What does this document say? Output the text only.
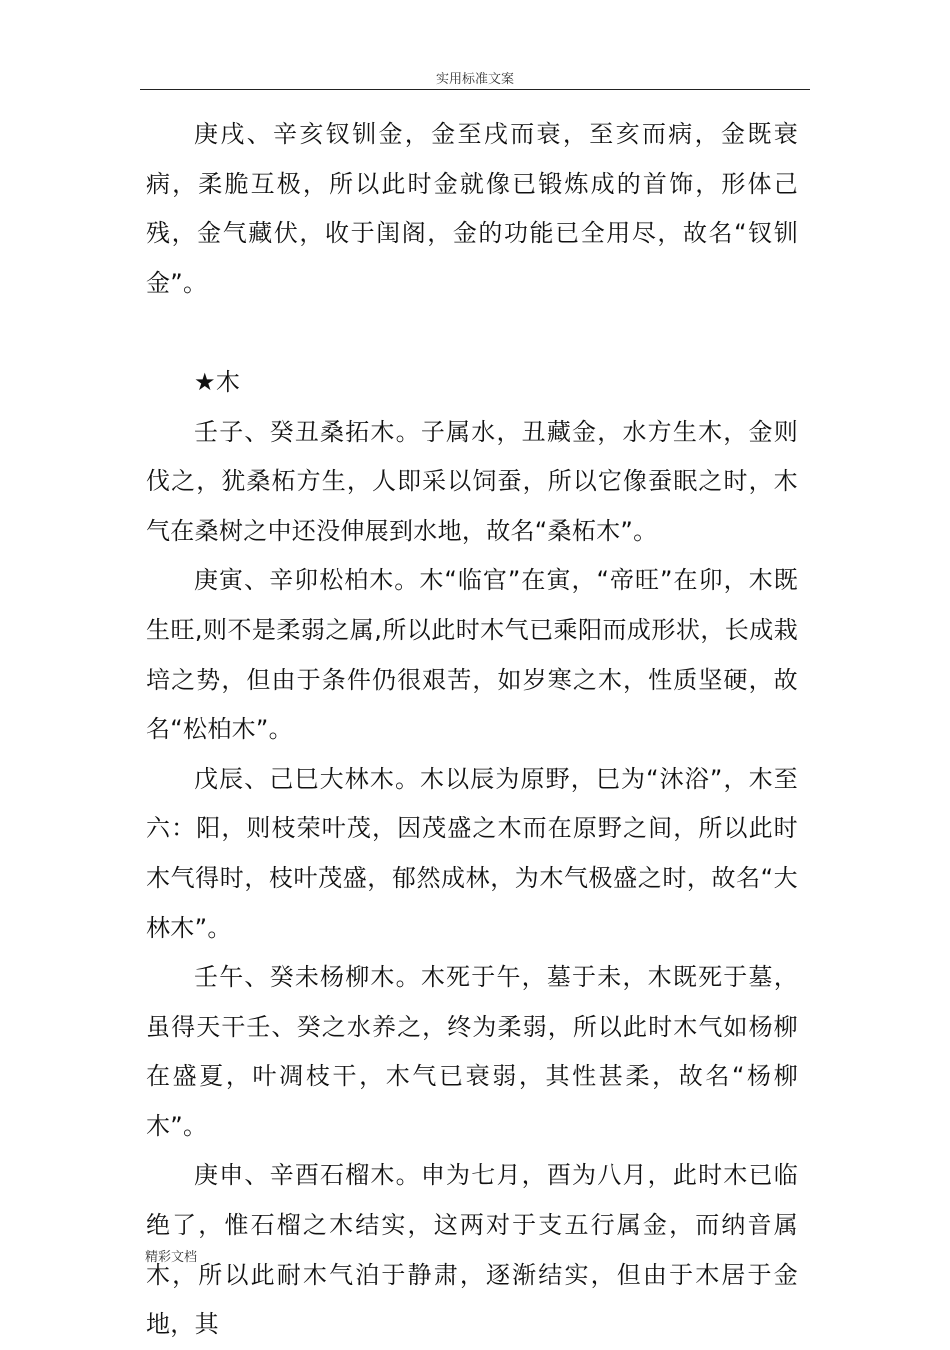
实用标准文案

庚戌、辛亥钗钏金，金至戌而衰，至亥而病，金既衰病，柔脆互极，所以此时金就像已锻炼成的首饰，形体己残，金气藏伏，收于闺阁，金的功能已全用尽，故名“钗钏金”。

★木

壬子、癸丑桑拓木。子属水，丑藏金，水方生木，金则伐之，犹桑柘方生，人即采以饲蚕，所以它像蚕眠之时，木气在桑树之中还没伸展到水地，故名“桑柘木”。

庚寅、辛卯松柏木。木“临官”在寅，“帝旺”在卯，木既生旺,则不是柔弱之属,所以此时木气已乘阳而成形状，长成栽培之势，但由于条件仍很艰苦，如岁寒之木，性质坚硬，故名“松柏木”。

戊辰、己巳大林木。木以辰为原野，巳为“沐浴”，木至六：阳，则枝荣叶茂，因茂盛之木而在原野之间，所以此时木气得时，枝叶茂盛，郁然成林，为木气极盛之时，故名“大林木”。

壬午、癸未杨柳木。木死于午，墓于未，木既死于墓，虽得天干壬、癸之水养之，终为柔弱，所以此时木气如杨柳在盛夏，叶凋枝干，木气已衰弱，其性甚柔，故名“杨柳木”。

庚申、辛酉石榴木。申为七月，酉为八月，此时木已临绝了，惟石榴之木结实，这两对于支五行属金，而纳音属木，所以此耐木气泊于静肃，逐渐结实，但由于木居于金地，其

精彩文档
